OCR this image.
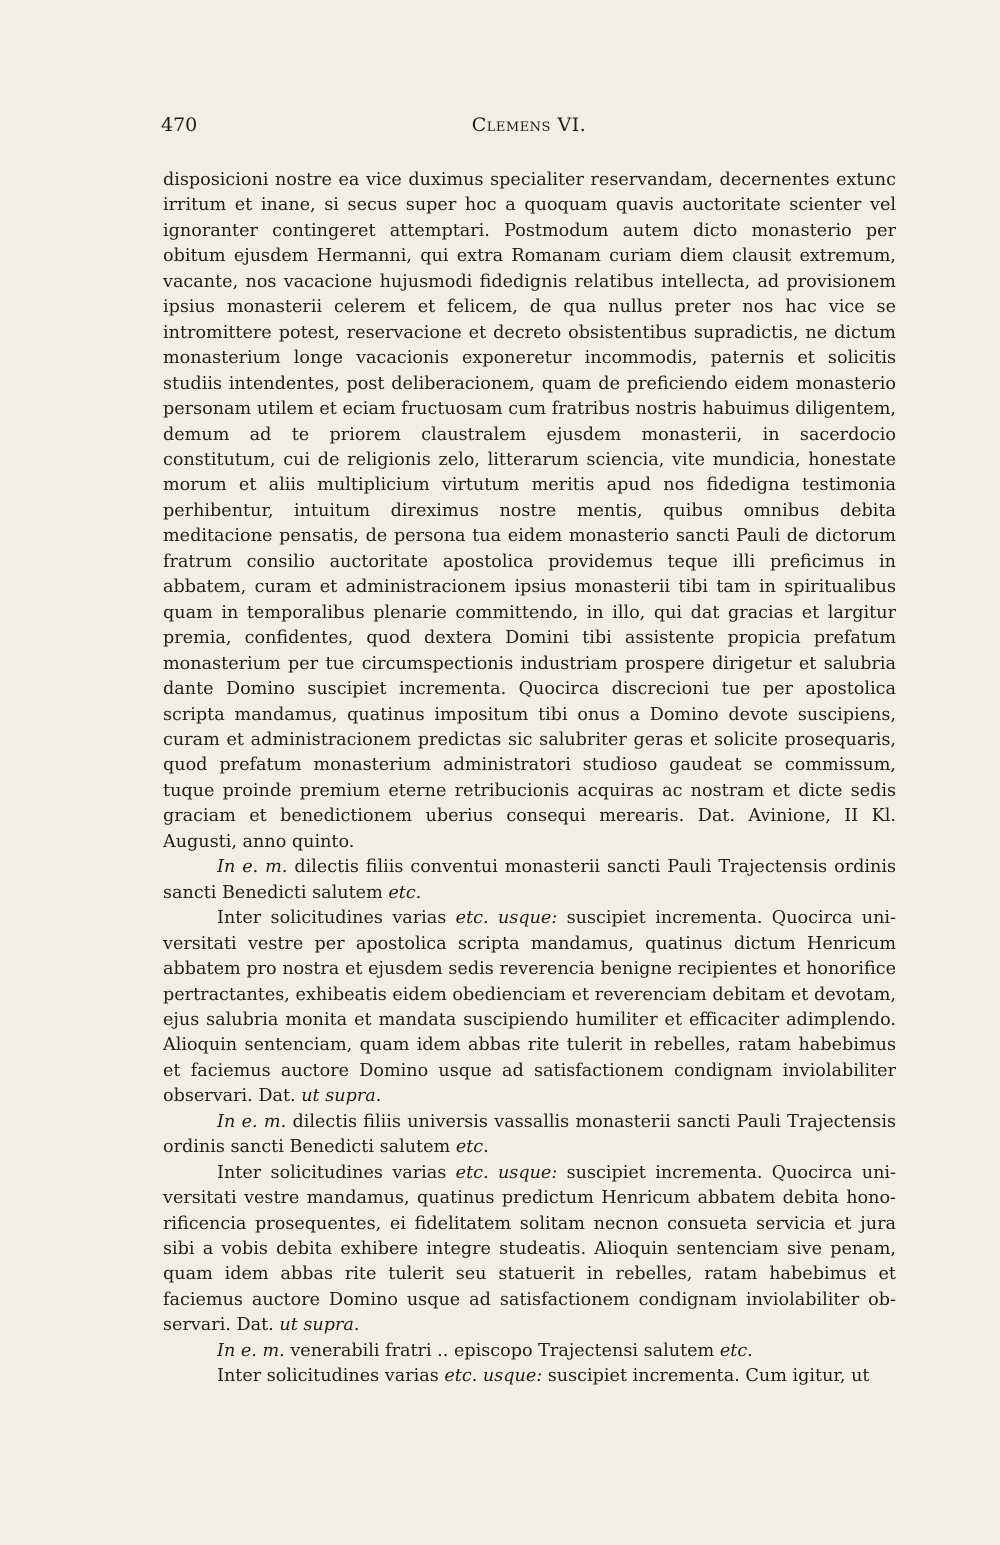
470	Clemens VI.

disposicioni nostre ea vice duximus specialiter reservandam, decernentes extunc irritum et inane, si secus super hoc a quoquam quavis auctoritate scienter vel ignoranter contingeret attemptari. Postmodum autem dicto monasterio per obitum ejusdem Hermanni, qui extra Romanam curiam diem clausit extremum, vacante, nos vacacione hujusmodi fidedignis relatibus intellecta, ad provisionem ipsius monasterii celerem et felicem, de qua nullus preter nos hac vice se intromittere potest, reservacione et decreto obsistentibus supradictis, ne dictum monasterium longe vacacionis exponeretur incommodis, paternis et solicitis studiis intendentes, post deliberacionem, quam de preficiendo eidem monasterio personam utilem et eciam fructuosam cum fratribus nostris habuimus diligentem, demum ad te priorem claustralem ejusdem monasterii, in sacerdocio constitutum, cui de religionis zelo, litterarum sciencia, vite mundicia, honestate morum et aliis multiplicium virtutum meritis apud nos fidedigna testimonia perhibentur, intuitum direximus nostre mentis, quibus omnibus debita meditacione pensatis, de persona tua eidem monasterio sancti Pauli de dictorum fratrum consilio auctoritate apostolica providemus teque illi preficimus in abbatem, curam et administracionem ipsius monasterii tibi tam in spiritualibus quam in temporalibus plenarie committendo, in illo, qui dat gracias et largitur premia, confidentes, quod dextera Domini tibi assistente propicia prefatum monasterium per tue circumspectionis industriam prospere dirigetur et salubria dante Domino suscipiet incrementa. Quocirca discrecioni tue per apostolica scripta mandamus, quatinus impositum tibi onus a Domino devote suscipiens, curam et administracionem predictas sic salubriter geras et solicite prosequaris, quod prefatum monasterium administratori studioso gaudeat se commissum, tuque proinde premium eterne retribucionis acquiras ac nostram et dicte sedis graciam et benedictionem uberius consequi merearis. Dat. Avinione, II Kl. Augusti, anno quinto.

In e. m. dilectis filiis conventui monasterii sancti Pauli Trajectensis ordinis sancti Benedicti salutem etc.

Inter solicitudines varias etc. usque: suscipiet incrementa. Quocirca universitati vestre per apostolica scripta mandamus, quatinus dictum Henricum abbatem pro nostra et ejusdem sedis reverencia benigne recipientes et honorifice pertractantes, exhibeatis eidem obedienciam et reverenciam debitam et devotam, ejus salubria monita et mandata suscipiendo humiliter et efficaciter adimplendo. Alioquin sentenciam, quam idem abbas rite tulerit in rebelles, ratam habebimus et faciemus auctore Domino usque ad satisfactionem condignam inviolabiliter observari. Dat. ut supra.

In e. m. dilectis filiis universis vassallis monasterii sancti Pauli Trajectensis ordinis sancti Benedicti salutem etc.

Inter solicitudines varias etc. usque: suscipiet incrementa. Quocirca universitati vestre mandamus, quatinus predictum Henricum abbatem debita honorificencia prosequentes, ei fidelitatem solitam necnon consueta servicia et jura sibi a vobis debita exhibere integre studeatis. Alioquin sentenciam sive penam, quam idem abbas rite tulerit seu statuerit in rebelles, ratam habebimus et faciemus auctore Domino usque ad satisfactionem condignam inviolabiliter observari. Dat. ut supra.

In e. m. venerabili fratri .. episcopo Trajectensi salutem etc.

Inter solicitudines varias etc. usque: suscipiet incrementa. Cum igitur, ut
